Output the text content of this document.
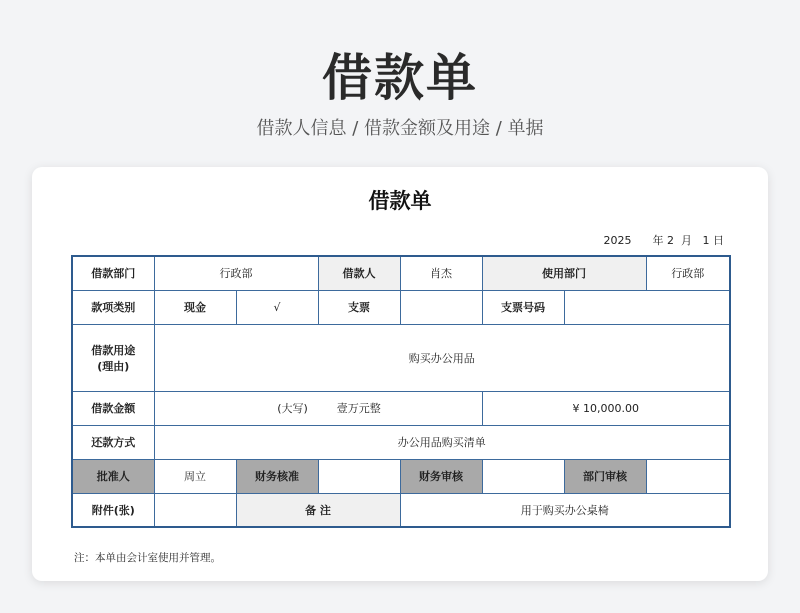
借款单
借款人信息 / 借款金额及用途 / 单据
借款单
2025 年 2 月 1 日
借款部门	行政部		借款人	肖杰	使用部门		行政部
款项类别	现金	√	支票		支票号码		

借款用途
(理由)	购买办公用品						
借款金额	(大写) 壹万元整				¥ 10,000.00		
还款方式	办公用品购买清单						
批准人	周立	财务核准		财务审核		部门审核	
附件(张)		备 注		用于购买办公桌椅			
注：本单由会计室使用并管理。
